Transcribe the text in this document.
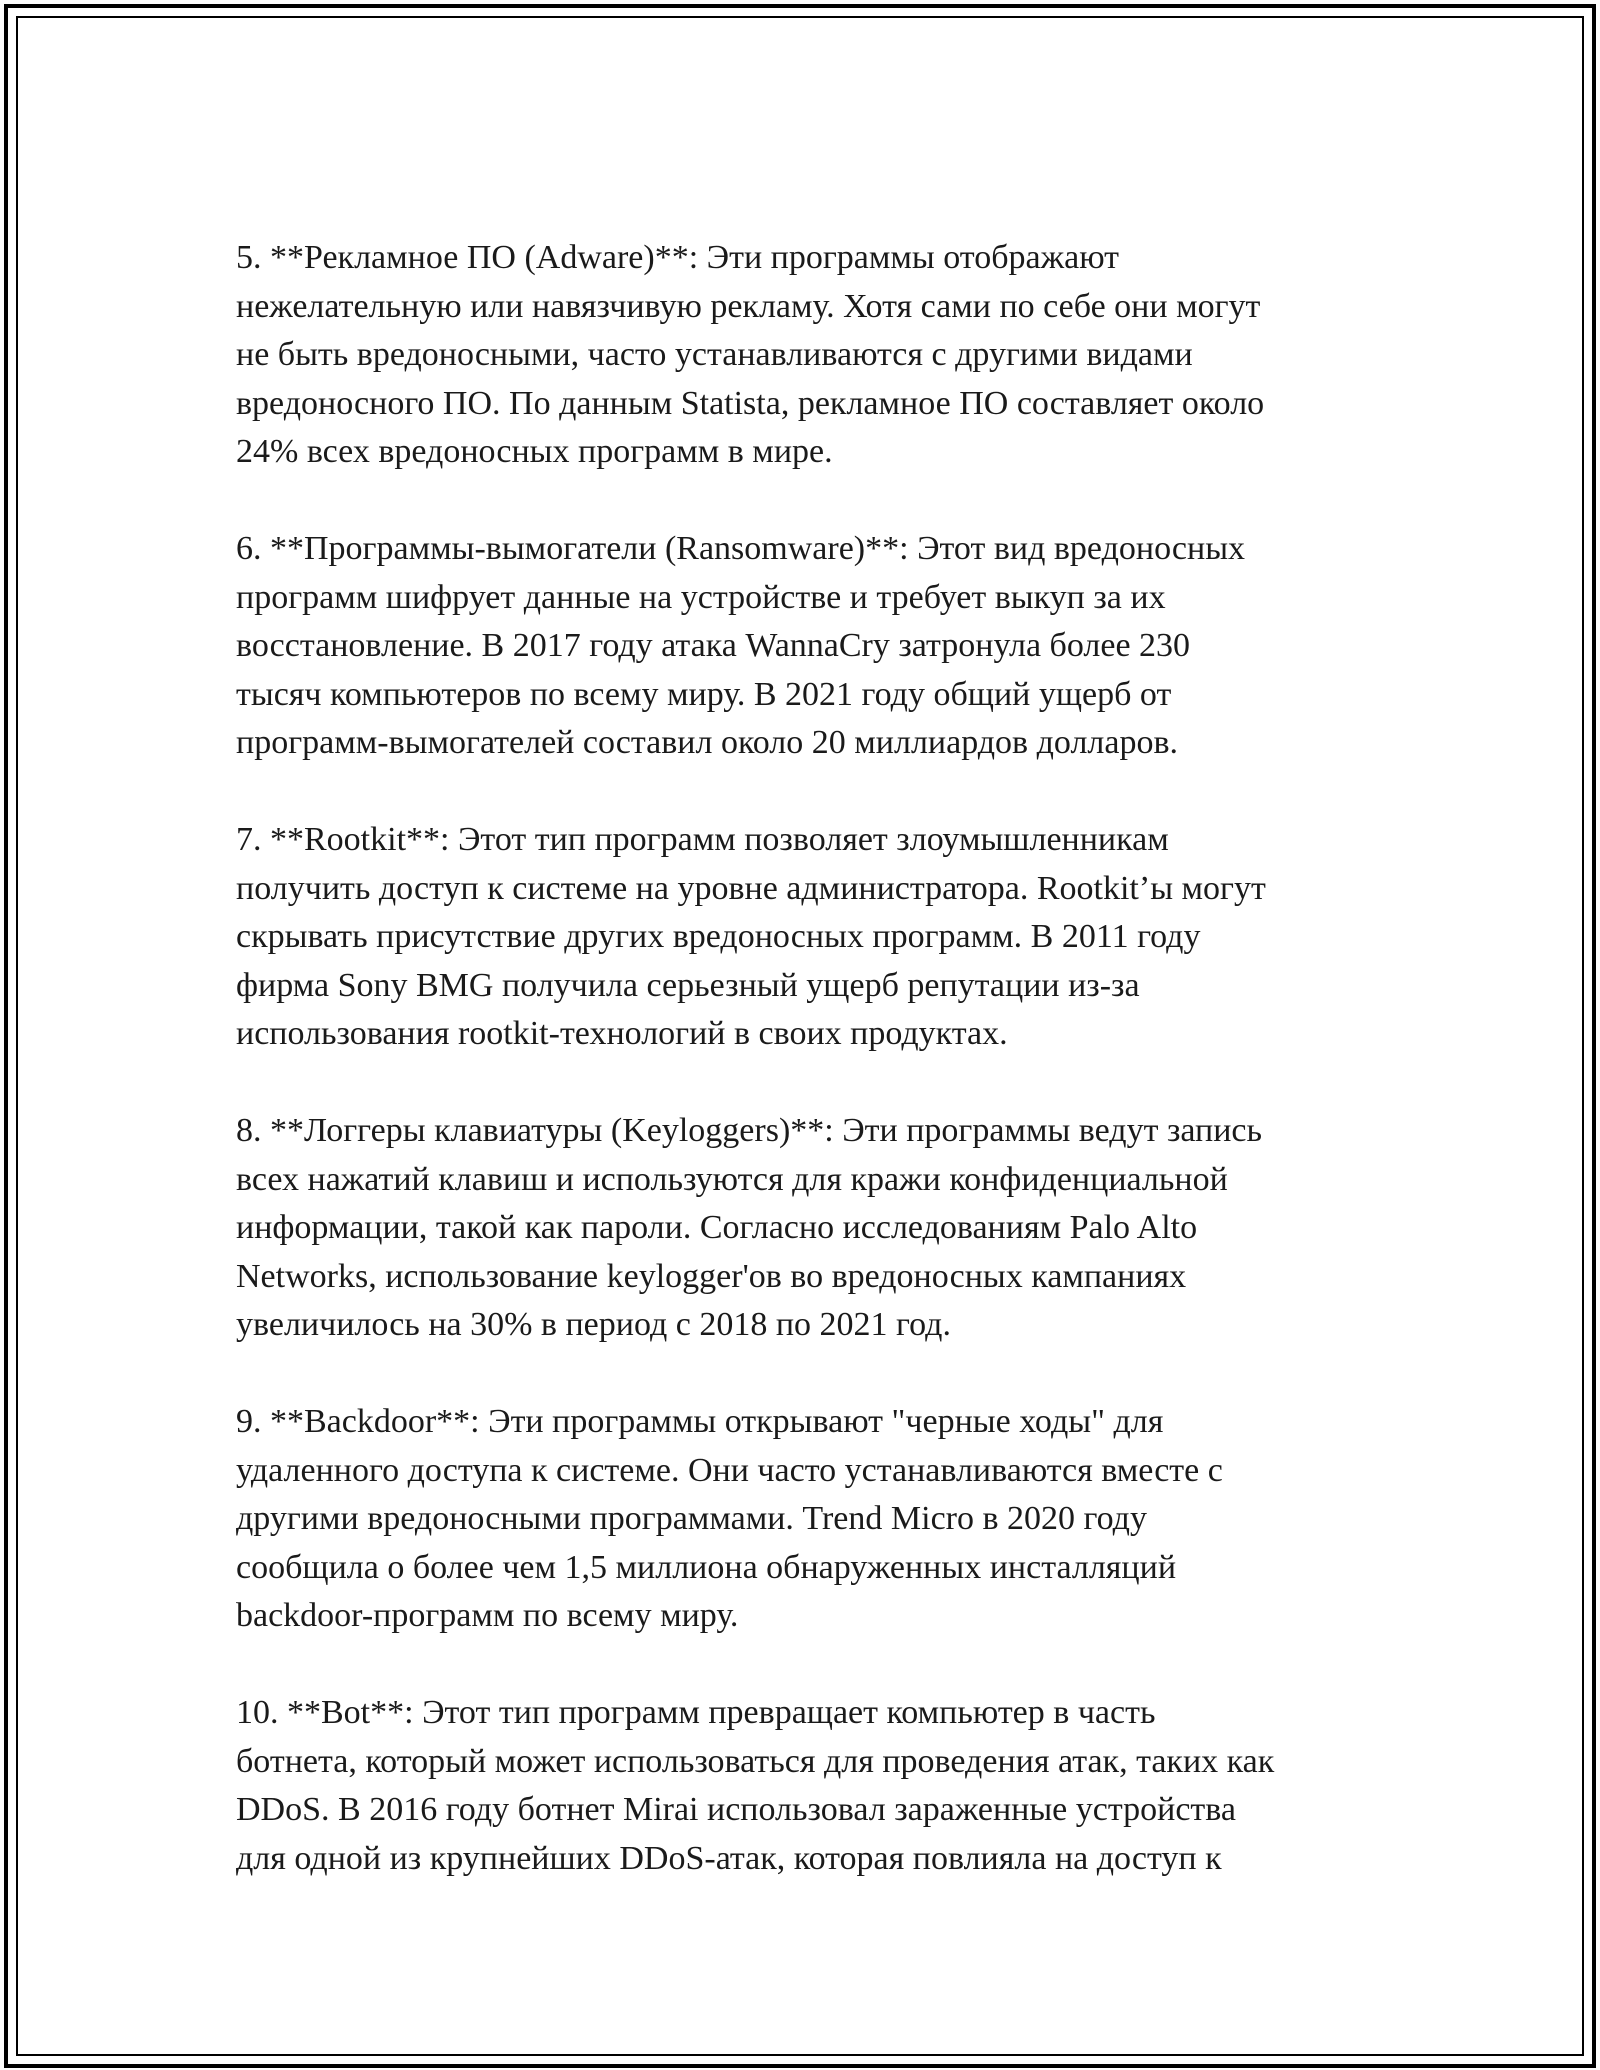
5. **Рекламное ПО (Adware)**: Эти программы отображают
нежелательную или навязчивую рекламу. Хотя сами по себе они могут
не быть вредоносными, часто устанавливаются с другими видами
вредоносного ПО. По данным Statista, рекламное ПО составляет около
24% всех вредоносных программ в мире.

6. **Программы-вымогатели (Ransomware)**: Этот вид вредоносных
программ шифрует данные на устройстве и требует выкуп за их
восстановление. В 2017 году атака WannaCry затронула более 230
тысяч компьютеров по всему миру. В 2021 году общий ущерб от
программ-вымогателей составил около 20 миллиардов долларов.

7. **Rootkit**: Этот тип программ позволяет злоумышленникам
получить доступ к системе на уровне администратора. Rootkit’ы могут
скрывать присутствие других вредоносных программ. В 2011 году
фирма Sony BMG получила серьезный ущерб репутации из-за
использования rootkit-технологий в своих продуктах.

8. **Логгеры клавиатуры (Keyloggers)**: Эти программы ведут запись
всех нажатий клавиш и используются для кражи конфиденциальной
информации, такой как пароли. Согласно исследованиям Palo Alto
Networks, использование keylogger'ов во вредоносных кампаниях
увеличилось на 30% в период с 2018 по 2021 год.

9. **Backdoor**: Эти программы открывают "черные ходы" для
удаленного доступа к системе. Они часто устанавливаются вместе с
другими вредоносными программами. Trend Micro в 2020 году
сообщила о более чем 1,5 миллиона обнаруженных инсталляций
backdoor-программ по всему миру.

10. **Bot**: Этот тип программ превращает компьютер в часть
ботнета, который может использоваться для проведения атак, таких как
DDoS. В 2016 году ботнет Mirai использовал зараженные устройства
для одной из крупнейших DDoS-атак, которая повлияла на доступ к
